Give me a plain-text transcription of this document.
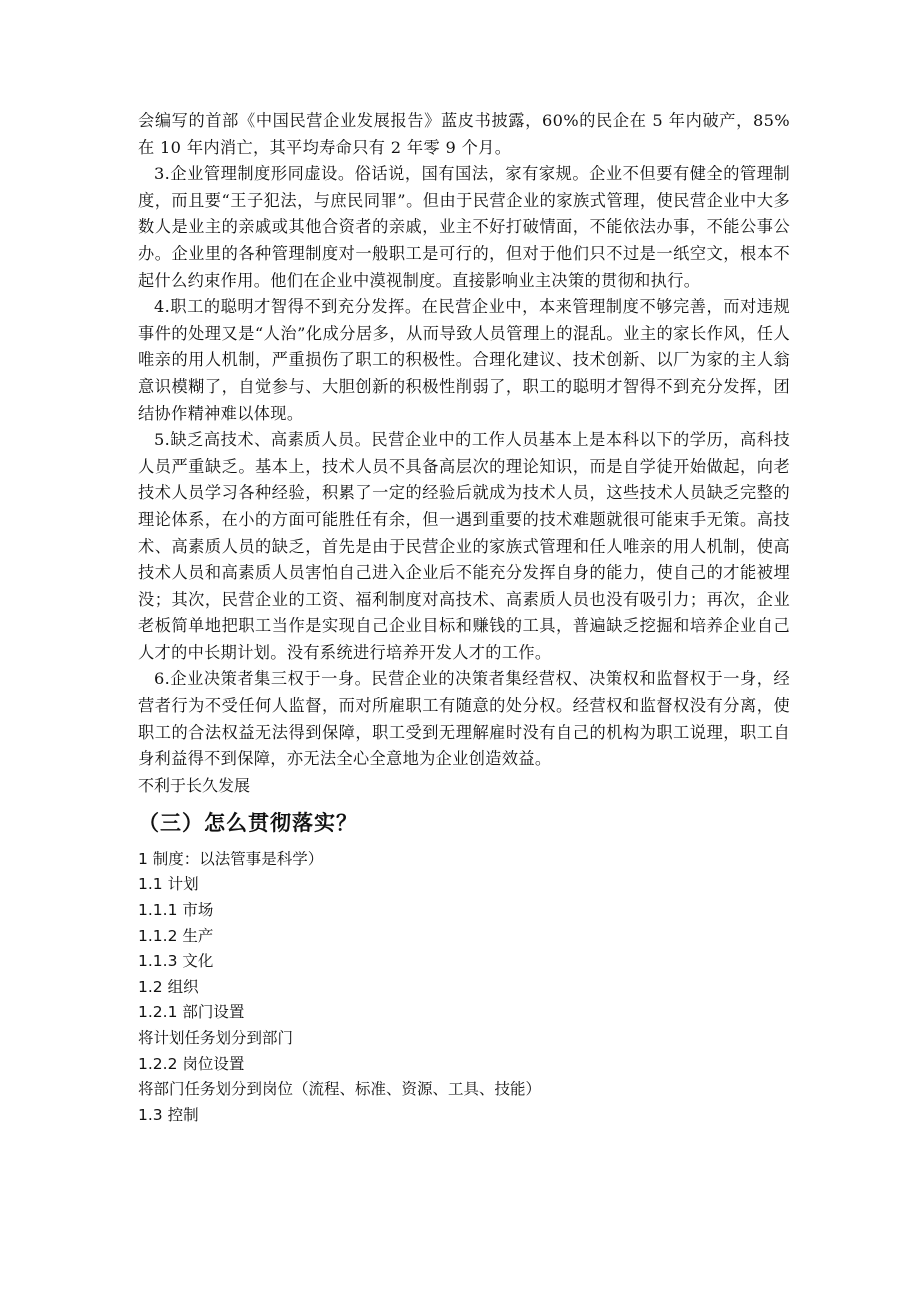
会编写的首部《中国民营企业发展报告》蓝皮书披露，60%的民企在 5 年内破产，85%在 10 年内消亡，其平均寿命只有 2 年零 9 个月。

3.企业管理制度形同虚设。俗话说，国有国法，家有家规。企业不但要有健全的管理制度，而且要“王子犯法，与庶民同罪”。但由于民营企业的家族式管理，使民营企业中大多数人是业主的亲戚或其他合资者的亲戚，业主不好打破情面，不能依法办事，不能公事公办。企业里的各种管理制度对一般职工是可行的，但对于他们只不过是一纸空文，根本不起什么约束作用。他们在企业中漠视制度。直接影响业主决策的贯彻和执行。

4.职工的聪明才智得不到充分发挥。在民营企业中，本来管理制度不够完善，而对违规事件的处理又是“人治”化成分居多，从而导致人员管理上的混乱。业主的家长作风，任人唯亲的用人机制，严重损伤了职工的积极性。合理化建议、技术创新、以厂为家的主人翁意识模糊了，自觉参与、大胆创新的积极性削弱了，职工的聪明才智得不到充分发挥，团结协作精神难以体现。

5.缺乏高技术、高素质人员。民营企业中的工作人员基本上是本科以下的学历，高科技人员严重缺乏。基本上，技术人员不具备高层次的理论知识，而是自学徒开始做起，向老技术人员学习各种经验，积累了一定的经验后就成为技术人员，这些技术人员缺乏完整的理论体系，在小的方面可能胜任有余，但一遇到重要的技术难题就很可能束手无策。高技术、高素质人员的缺乏，首先是由于民营企业的家族式管理和任人唯亲的用人机制，使高技术人员和高素质人员害怕自己进入企业后不能充分发挥自身的能力，使自己的才能被埋没；其次，民营企业的工资、福利制度对高技术、高素质人员也没有吸引力；再次，企业老板简单地把职工当作是实现自己企业目标和赚钱的工具，普遍缺乏挖掘和培养企业自己人才的中长期计划。没有系统进行培养开发人才的工作。

6.企业决策者集三权于一身。民营企业的决策者集经营权、决策权和监督权于一身，经营者行为不受任何人监督，而对所雇职工有随意的处分权。经营权和监督权没有分离，使职工的合法权益无法得到保障，职工受到无理解雇时没有自己的机构为职工说理，职工自身利益得不到保障，亦无法全心全意地为企业创造效益。

不利于长久发展

（三）怎么贯彻落实？

1 制度：以法管事是科学）

1.1 计划

1.1.1 市场

1.1.2 生产

1.1.3 文化

1.2 组织

1.2.1 部门设置

将计划任务划分到部门

1.2.2 岗位设置

将部门任务划分到岗位（流程、标准、资源、工具、技能）

1.3 控制
